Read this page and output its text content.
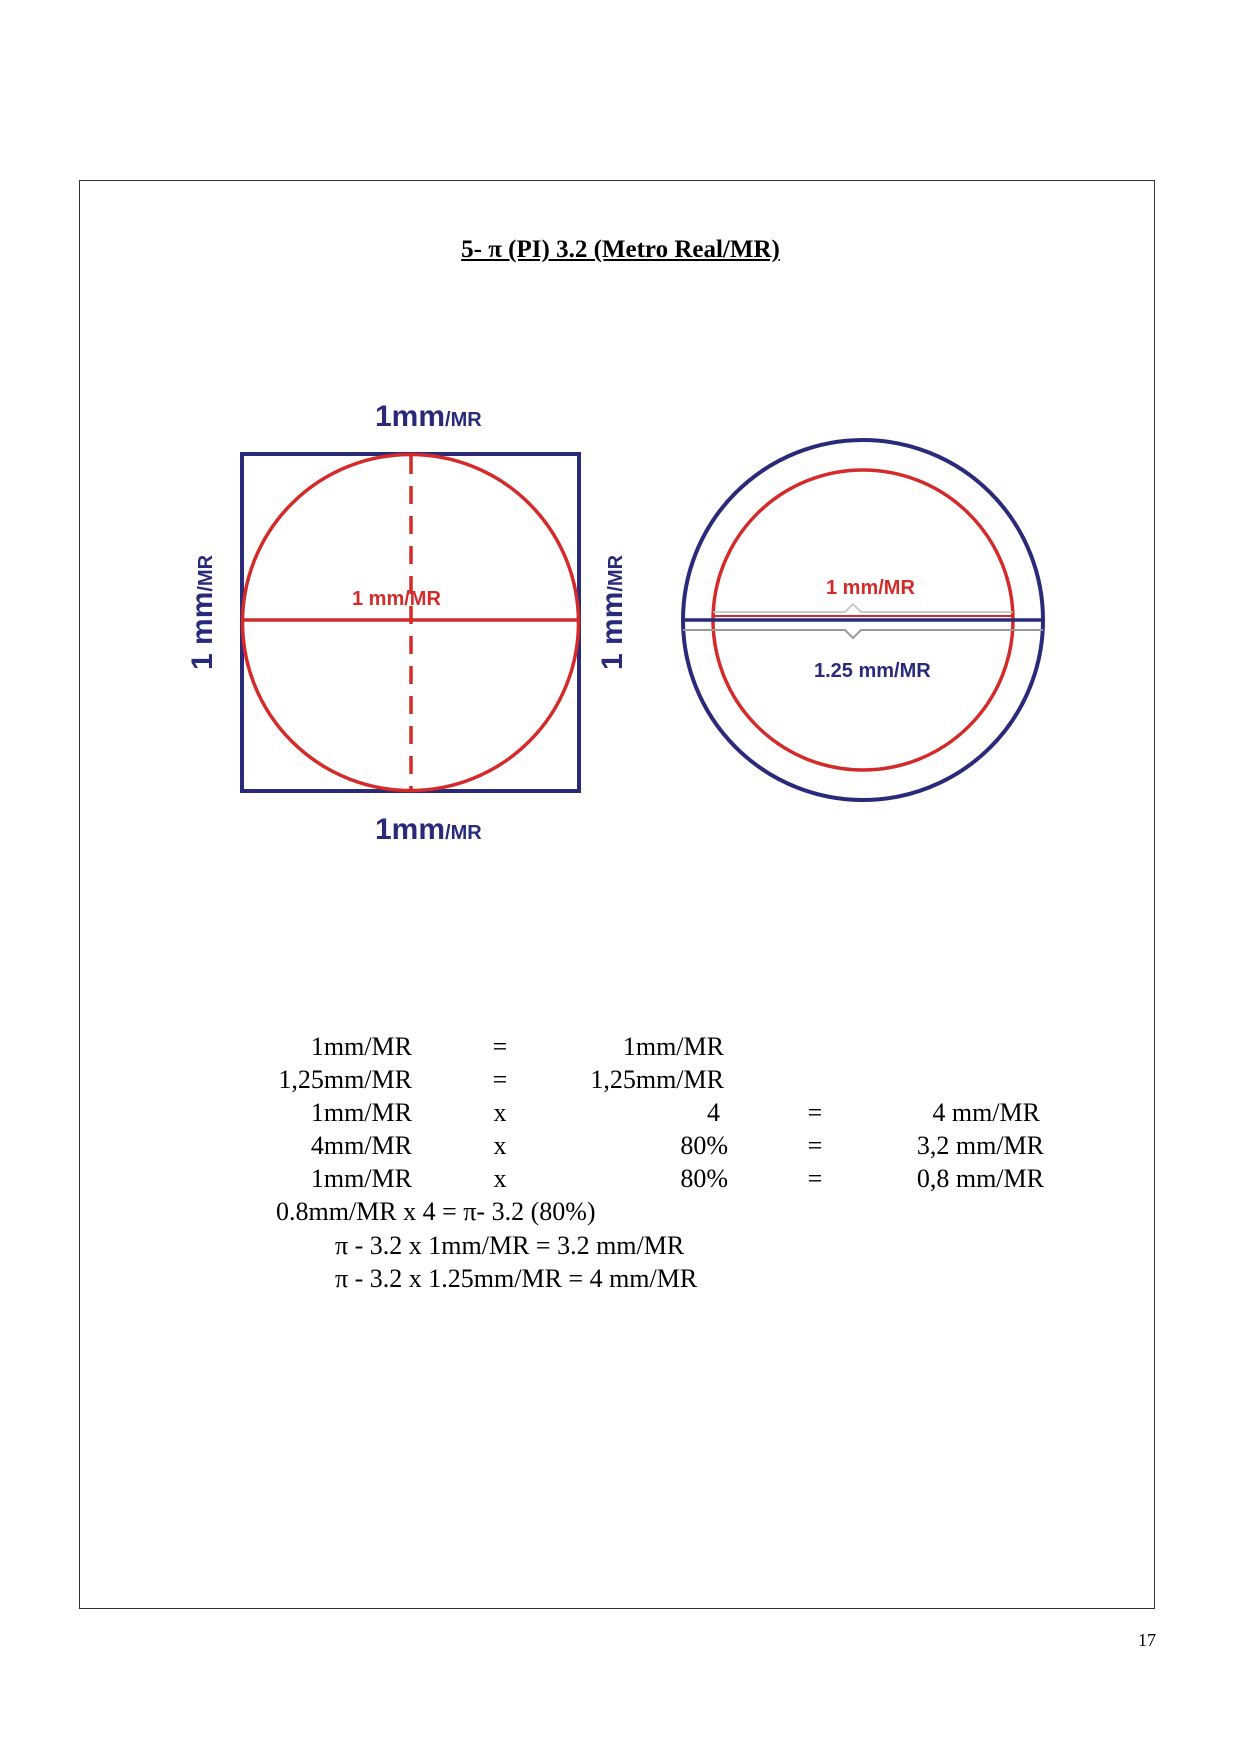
5- π (PI) 3.2 (Metro Real/MR)
1mm/MR
1mm/MR
1 mm/MR
1 mm/MR
1 mm/MR	1 mm/MR
1.25 mm/MR
1mm/MR	=	1mm/MR
1,25mm/MR	=	1,25mm/MR
1mm/MR	x	4	=	4 mm/MR
4mm/MR	x	80%	=	3,2 mm/MR
1mm/MR	x	80%	=	0,8 mm/MR
0.8mm/MR x 4 = π- 3.2 (80%)
π - 3.2 x 1mm/MR = 3.2 mm/MR
π - 3.2 x 1.25mm/MR = 4 mm/MR
17
